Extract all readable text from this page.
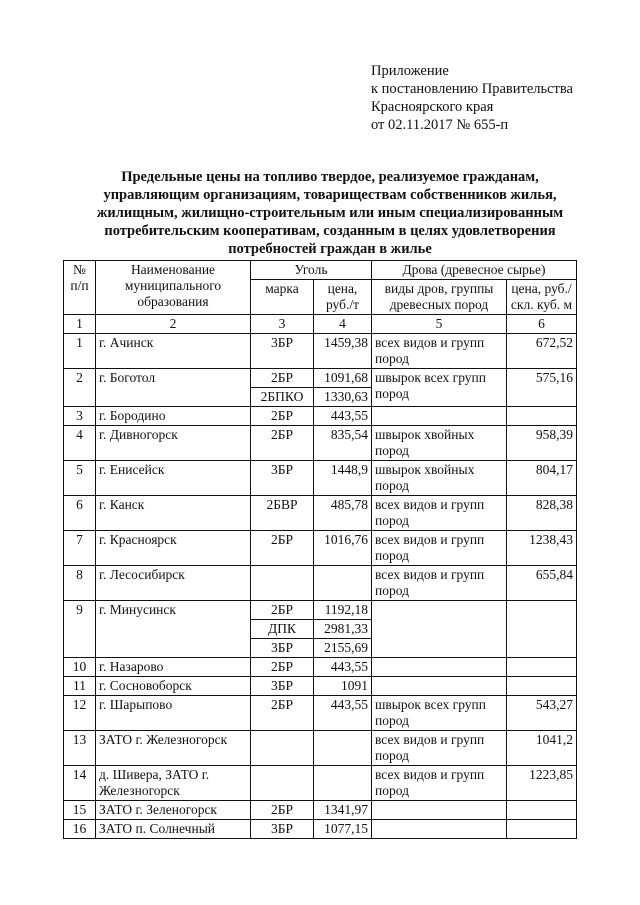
Приложение
к постановлению Правительства
Красноярского края
от 02.11.2017 № 655-п
Предельные цены на топливо твердое, реализуемое гражданам,
управляющим организациям, товариществам собственников жилья,
жилищным, жилищно-строительным или иным специализированным
потребительским кооперативам, созданным в целях удовлетворения
потребностей граждан в жилье
№ п/п	Наименование муниципального образования	Уголь		Дрова (древесное сырье)	
		марка	цена, руб./т	виды дров, группы древесных пород	цена, руб./скл. куб. м
1	2	3	4	5	6
1	г. Ачинск	3БР	1459,38	всех видов и групп пород	672,52
2	г. Боготол	2БР	1091,68	швырок всех групп пород	575,16
		2БПКО	1330,63		
3	г. Бородино	2БР	443,55		
4	г. Дивногорск	2БР	835,54	швырок хвойных пород	958,39
5	г. Енисейск	3БР	1448,9	швырок хвойных пород	804,17
6	г. Канск	2БВР	485,78	всех видов и групп пород	828,38
7	г. Красноярск	2БР	1016,76	всех видов и групп пород	1238,43
8	г. Лесосибирск			всех видов и групп пород	655,84
9	г. Минусинск	2БР	1192,18		
		ДПК	2981,33		
		3БР	2155,69		
10	г. Назарово	2БР	443,55		
11	г. Сосновоборск	3БР	1091		
12	г. Шарыпово	2БР	443,55	швырок всех групп пород	543,27
13	ЗАТО г. Железногорск			всех видов и групп пород	1041,2
14	д. Шивера, ЗАТО г. Железногорск			всех видов и групп пород	1223,85
15	ЗАТО г. Зеленогорск	2БР	1341,97		
16	ЗАТО п. Солнечный	3БР	1077,15		
